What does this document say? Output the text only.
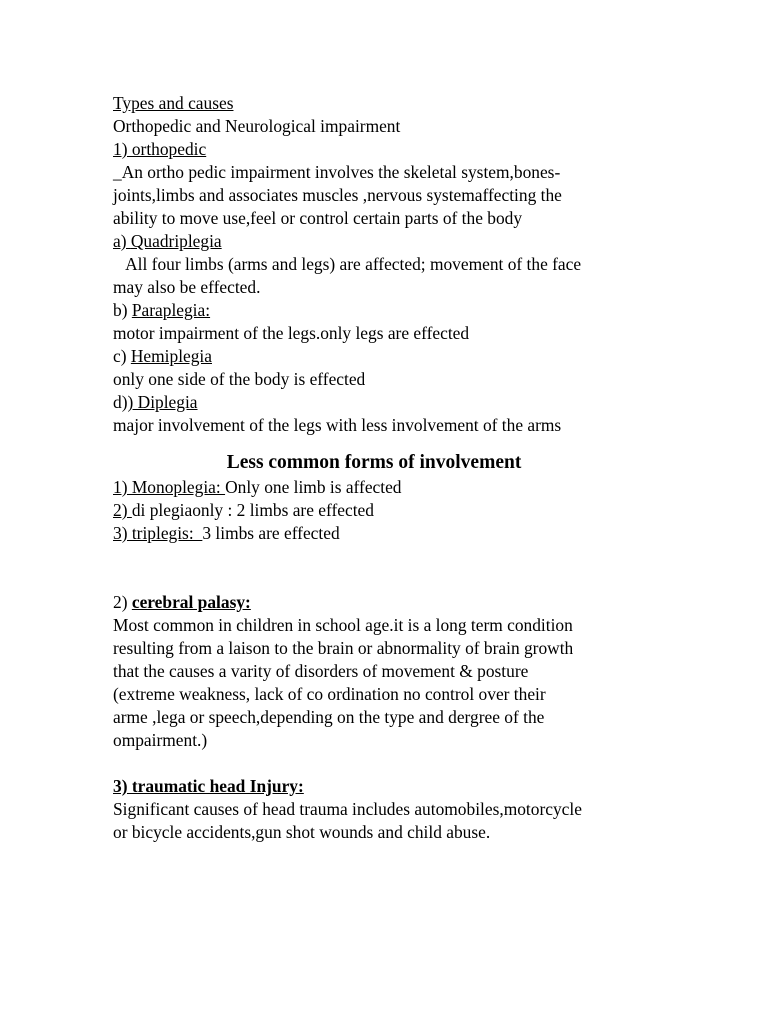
Types and causes
Orthopedic and Neurological impairment
1) orthopedic
_An ortho pedic impairment involves the skeletal system,bones-
joints,limbs and associates muscles ,nervous systemaffecting the
ability to move use,feel or control certain parts of the body
a) Quadriplegia
All four limbs (arms and legs) are affected; movement of the face
may also be effected.
b) Paraplegia:
motor impairment of the legs.only legs are effected
c) Hemiplegia
only one side of the body is effected
d)) Diplegia
major involvement of the legs with less involvement of the arms
Less common forms of involvement
1) Monoplegia: Only one limb is affected
2) di plegiaonly : 2 limbs are effected
3) triplegis:  3 limbs are effected
2) cerebral palasy:
Most common in children in school age.it is a long term condition
resulting from a laison to the brain or abnormality of brain growth
that the causes a varity of disorders of movement & posture
(extreme weakness, lack of co ordination no control over their
arme ,lega or speech,depending on the type and dergree of the
ompairment.)
3) traumatic head Injury:
Significant causes of head trauma includes automobiles,motorcycle
or bicycle accidents,gun shot wounds and child abuse.
